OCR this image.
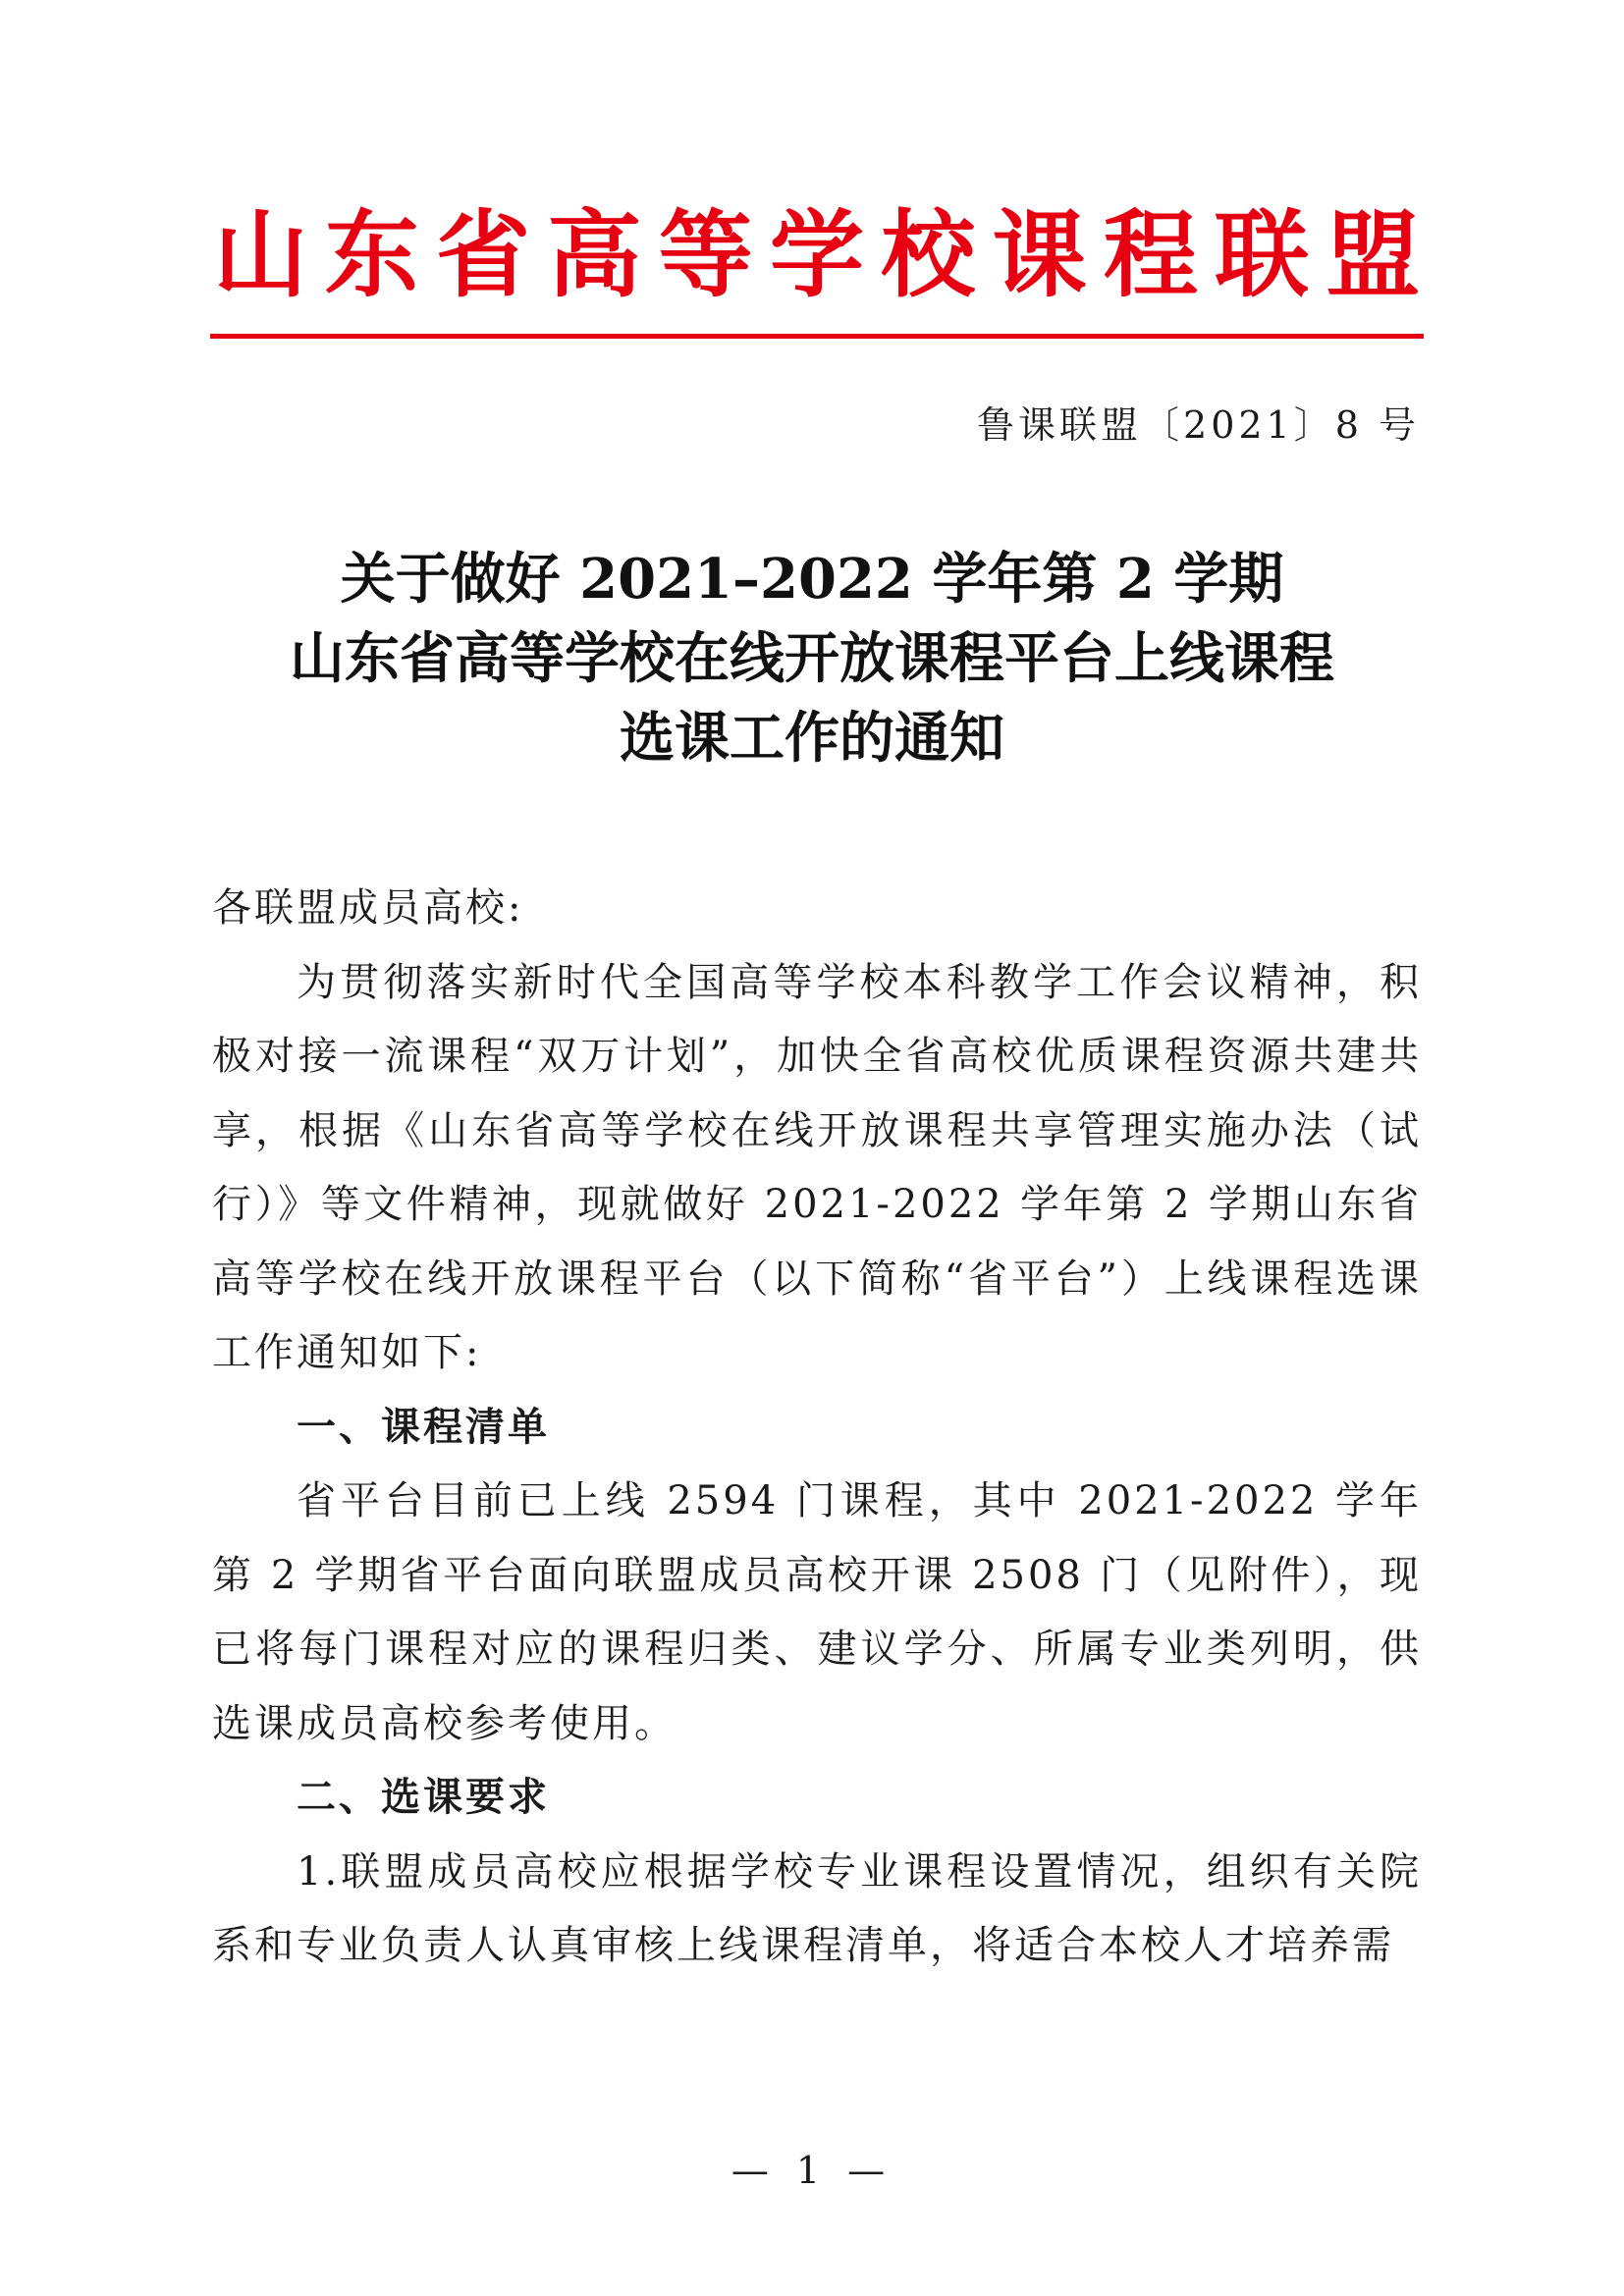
山 东 省 高 等 学 校 课 程 联 盟
鲁课联盟〔2021〕8 号
关于做好 2021–2022 学年第 2 学期
山东省高等学校在线开放课程平台上线课程
选课工作的通知

各联盟成员高校:

为贯彻落实新时代全国高等学校本科教学工作会议精神，积极对接一流课程“双万计划”，加快全省高校优质课程资源共建共享，根据《山东省高等学校在线开放课程共享管理实施办法（试行）》等文件精神，现就做好 2021-2022 学年第 2 学期山东省高等学校在线开放课程平台（以下简称“省平台”）上线课程选课工作通知如下:

一、课程清单

省平台目前已上线 2594 门课程，其中 2021-2022 学年第 2 学期省平台面向联盟成员高校开课 2508 门（见附件），现已将每门课程对应的课程归类、建议学分、所属专业类列明，供选课成员高校参考使用。

二、选课要求

1.联盟成员高校应根据学校专业课程设置情况，组织有关院系和专业负责人认真审核上线课程清单，将适合本校人才培养需

— 1 —
